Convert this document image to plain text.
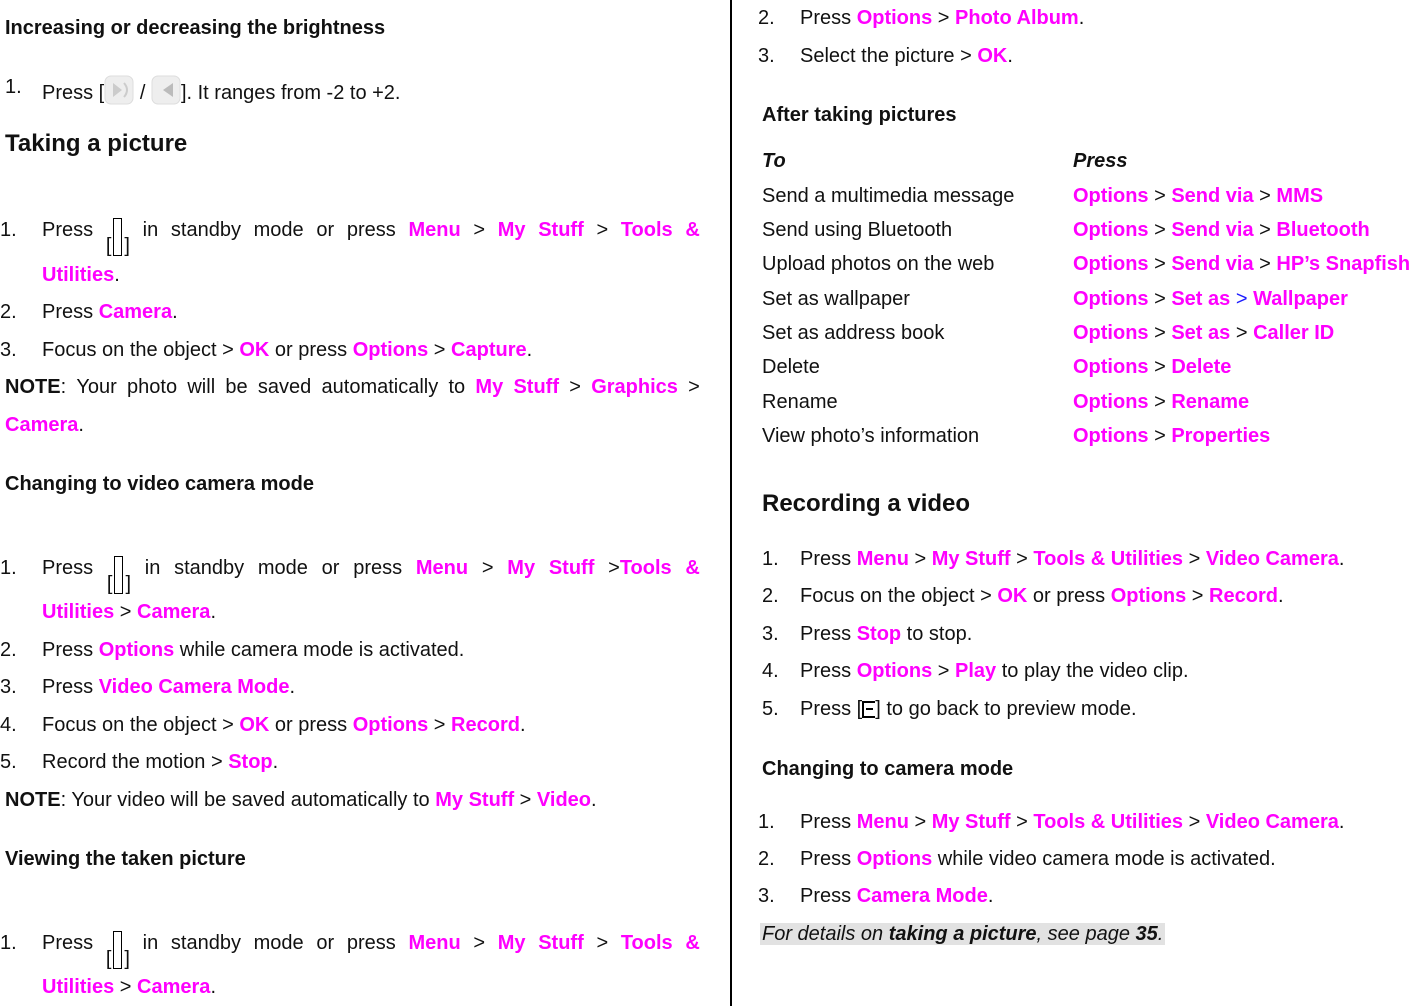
Increasing or decreasing the brightness
1.	Press [ / ]. It ranges from -2 to +2.
Taking a picture
1.	Press
[ ]
in standby mode or press Menu > My Stuff > Tools &
Utilities.
2.	Press Camera.
3.	Focus on the object > OK or press Options > Capture.
NOTE: Your photo will be saved automatically to My Stuff > Graphics >
Camera.
Changing to video camera mode
1.	Press
[ ]
in standby mode or press Menu > My Stuff >Tools &
Utilities > Camera.
2.	Press Options while camera mode is activated.
3.	Press Video Camera Mode.
4.	Focus on the object > OK or press Options > Record.
5.	Record the motion > Stop.
NOTE: Your video will be saved automatically to My Stuff > Video.
Viewing the taken picture
1.	Press
[ ]
in standby mode or press Menu > My Stuff > Tools &
Utilities > Camera.
2.	Press Options > Photo Album.
3.	Select the picture > OK.
After taking pictures
To	Press
Send a multimedia message	Options > Send via > MMS
Send using Bluetooth	Options > Send via > Bluetooth
Upload photos on the web	Options > Send via > HP’s Snapfish
Set as wallpaper	Options > Set as > Wallpaper
Set as address book	Options > Set as > Caller ID
Delete	Options > Delete
Rename	Options > Rename
View photo’s information	Options > Properties
Recording a video
1.	Press Menu > My Stuff > Tools & Utilities > Video Camera.
2.	Focus on the object > OK or press Options > Record.
3.	Press Stop to stop.
4.	Press Options > Play to play the video clip.
5.	Press [ ] to go back to preview mode.
Changing to camera mode
1.	Press Menu > My Stuff > Tools & Utilities > Video Camera.
2.	Press Options while video camera mode is activated.
3.	Press Camera Mode.
For details on taking a picture, see page 35.
